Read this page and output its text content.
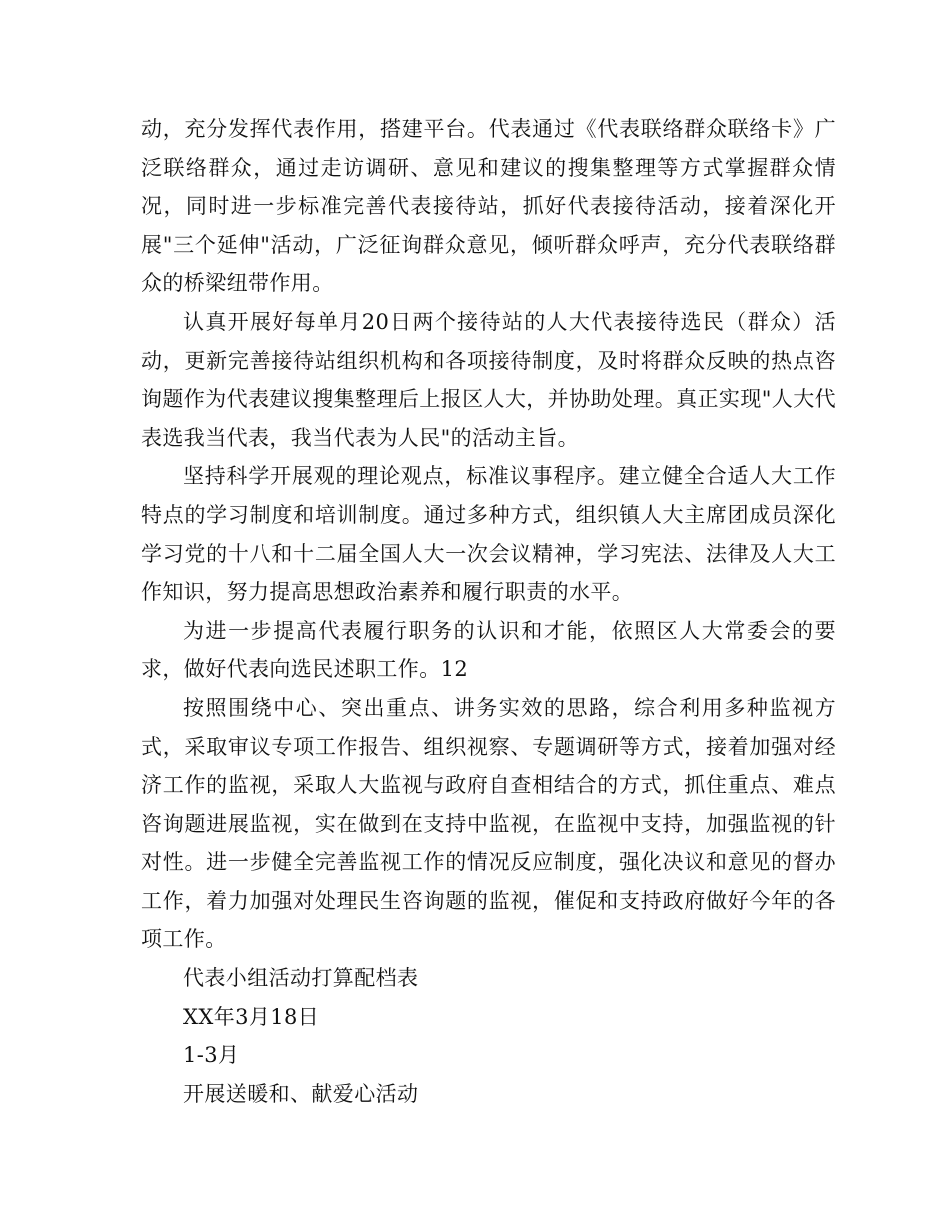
动，充分发挥代表作用，搭建平台。代表通过《代表联络群众联络卡》广泛联络群众，通过走访调研、意见和建议的搜集整理等方式掌握群众情况，同时进一步标准完善代表接待站，抓好代表接待活动，接着深化开展"三个延伸"活动，广泛征询群众意见，倾听群众呼声，充分代表联络群众的桥梁纽带作用。

认真开展好每单月20日两个接待站的人大代表接待选民（群众）活动，更新完善接待站组织机构和各项接待制度，及时将群众反映的热点咨询题作为代表建议搜集整理后上报区人大，并协助处理。真正实现"人大代表选我当代表，我当代表为人民"的活动主旨。

坚持科学开展观的理论观点，标准议事程序。建立健全合适人大工作特点的学习制度和培训制度。通过多种方式，组织镇人大主席团成员深化学习党的十八和十二届全国人大一次会议精神，学习宪法、法律及人大工作知识，努力提高思想政治素养和履行职责的水平。

为进一步提高代表履行职务的认识和才能，依照区人大常委会的要求，做好代表向选民述职工作。12

按照围绕中心、突出重点、讲务实效的思路，综合利用多种监视方式，采取审议专项工作报告、组织视察、专题调研等方式，接着加强对经济工作的监视，采取人大监视与政府自查相结合的方式，抓住重点、难点咨询题进展监视，实在做到在支持中监视，在监视中支持，加强监视的针对性。进一步健全完善监视工作的情况反应制度，强化决议和意见的督办工作，着力加强对处理民生咨询题的监视，催促和支持政府做好今年的各项工作。

代表小组活动打算配档表

XX年3月18日

1-3月

开展送暖和、献爱心活动
